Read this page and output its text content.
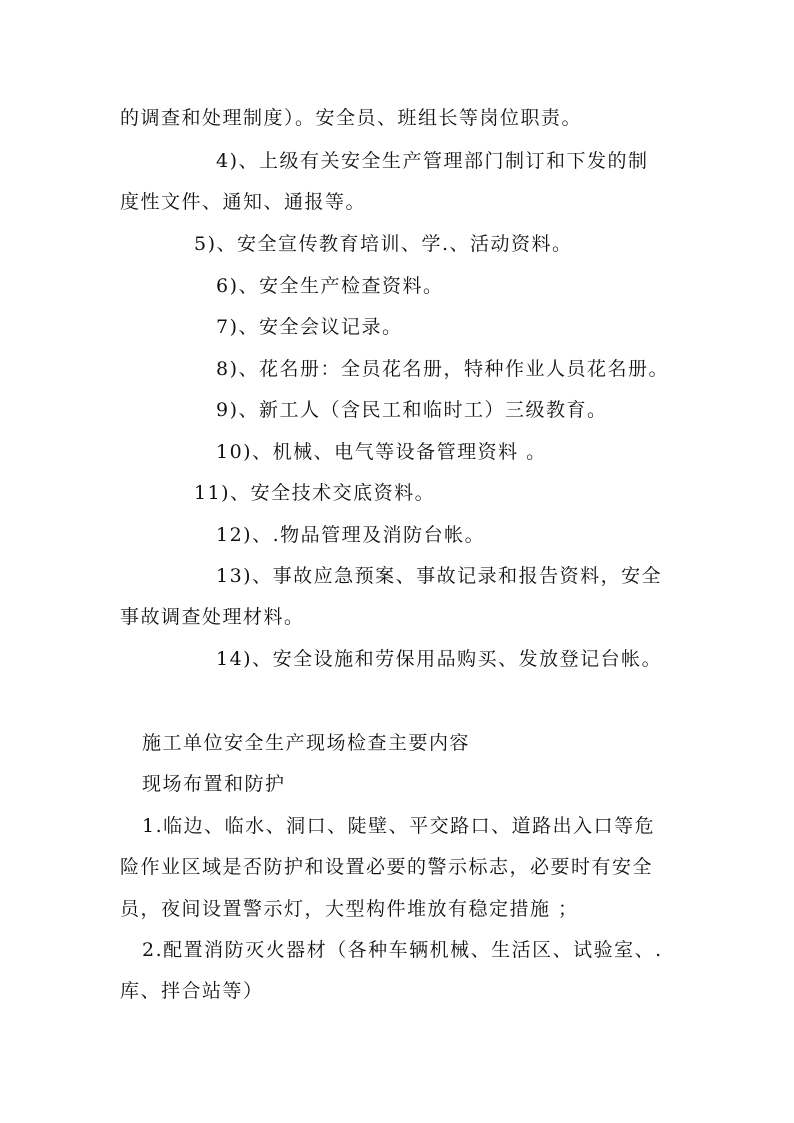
的调查和处理制度）。安全员、班组长等岗位职责。
4)、上级有关安全生产管理部门制订和下发的制
度性文件、通知、通报等。
5)、安全宣传教育培训、学.、活动资料。
6)、安全生产检查资料。
7)、安全会议记录。
8)、花名册：全员花名册，特种作业人员花名册。
9)、新工人（含民工和临时工）三级教育。
10)、机械、电气等设备管理资料 。
11)、安全技术交底资料。
12)、.物品管理及消防台帐。
13)、事故应急预案、事故记录和报告资料，安全
事故调查处理材料。
14)、安全设施和劳保用品购买、发放登记台帐。
施工单位安全生产现场检查主要内容
现场布置和防护
1.临边、临水、洞口、陡壁、平交路口、道路出入口等危
险作业区域是否防护和设置必要的警示标志，必要时有安全
员，夜间设置警示灯，大型构件堆放有稳定措施 ；
2.配置消防灭火器材（各种车辆机械、生活区、试验室、.
库、拌合站等）
